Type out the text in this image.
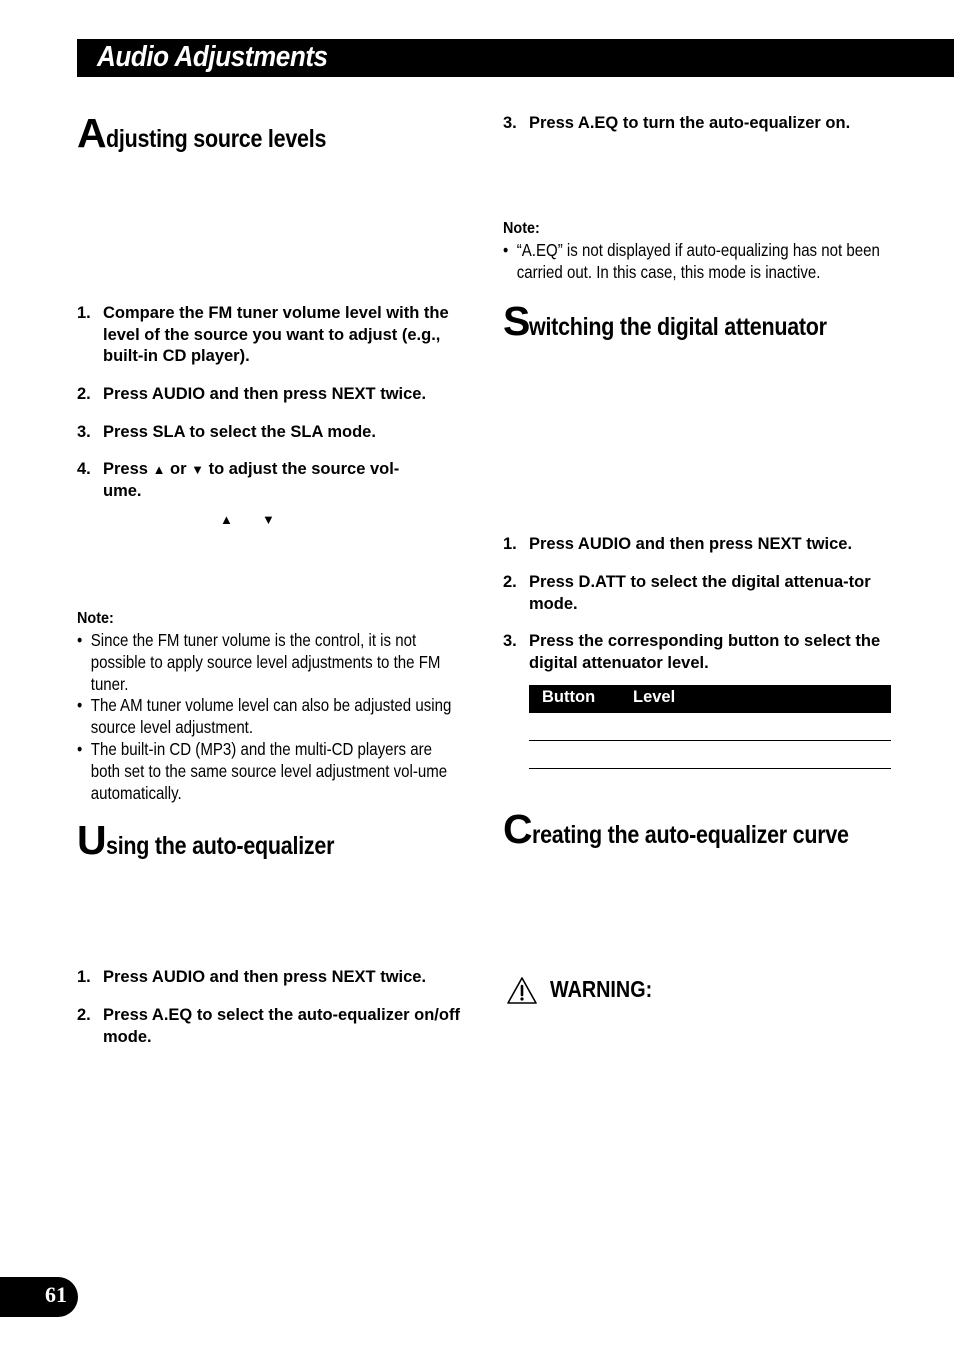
Audio Adjustments
Adjusting source levels
1. Compare the FM tuner volume level with the level of the source you want to adjust (e.g., built-in CD player).
2. Press AUDIO and then press NEXT twice.
3. Press SLA to select the SLA mode.
4. Press ▲ or ▼ to adjust the source vol-
ume.
▲ ▼
Note:
• Since the FM tuner volume is the control, it is not possible to apply source level adjustments to the FM tuner.
• The AM tuner volume level can also be adjusted using source level adjustment.
• The built-in CD (MP3) and the multi-CD players are both set to the same source level adjustment vol-ume automatically.
Using the auto-equalizer
1. Press AUDIO and then press NEXT twice.
2. Press A.EQ to select the auto-equalizer on/off mode.
3. Press A.EQ to turn the auto-equalizer on.
Note:
• “A.EQ” is not displayed if auto-equalizing has not been carried out. In this case, this mode is inactive.
Switching the digital attenuator
1. Press AUDIO and then press NEXT twice.
2. Press D.ATT to select the digital attenua-tor mode.
3. Press the corresponding button to select the digital attenuator level.
Button Level
Creating the auto-equalizer curve
WARNING:
61
